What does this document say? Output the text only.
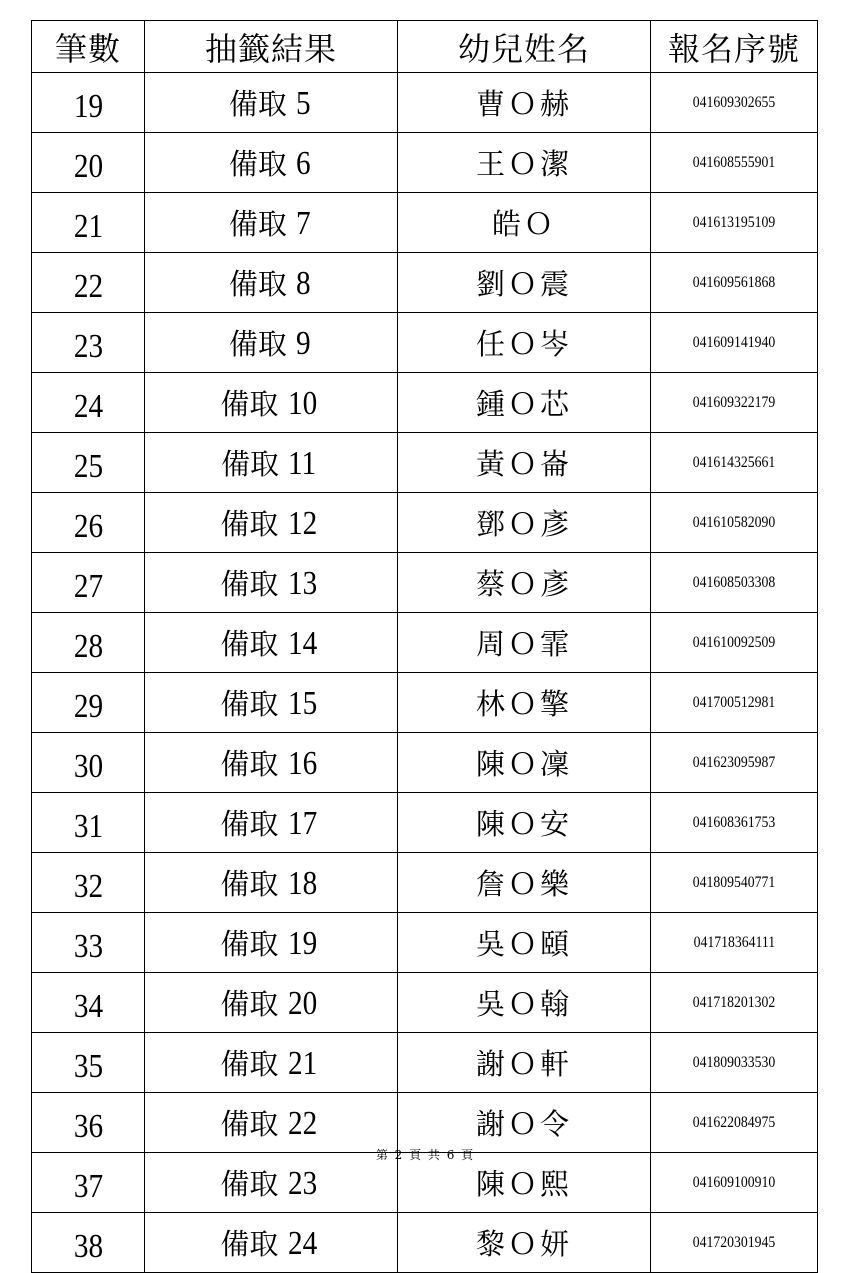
筆數	抽籤結果	幼兒姓名	報名序號
19	備取 5	曹Ｏ赫	041609302655
20	備取 6	王Ｏ潔	041608555901
21	備取 7	皓Ｏ	041613195109
22	備取 8	劉Ｏ震	041609561868
23	備取 9	任Ｏ岑	041609141940
24	備取 10	鍾Ｏ芯	041609322179
25	備取 11	黃Ｏ崙	041614325661
26	備取 12	鄧Ｏ彥	041610582090
27	備取 13	蔡Ｏ彥	041608503308
28	備取 14	周Ｏ霏	041610092509
29	備取 15	林Ｏ擎	041700512981
30	備取 16	陳Ｏ凜	041623095987
31	備取 17	陳Ｏ安	041608361753
32	備取 18	詹Ｏ樂	041809540771
33	備取 19	吳Ｏ頤	041718364111
34	備取 20	吳Ｏ翰	041718201302
35	備取 21	謝Ｏ軒	041809033530
36	備取 22	謝Ｏ令	041622084975
37	備取 23	陳Ｏ熙	041609100910
38	備取 24	黎Ｏ妍	041720301945
第 2 頁 共 6 頁
